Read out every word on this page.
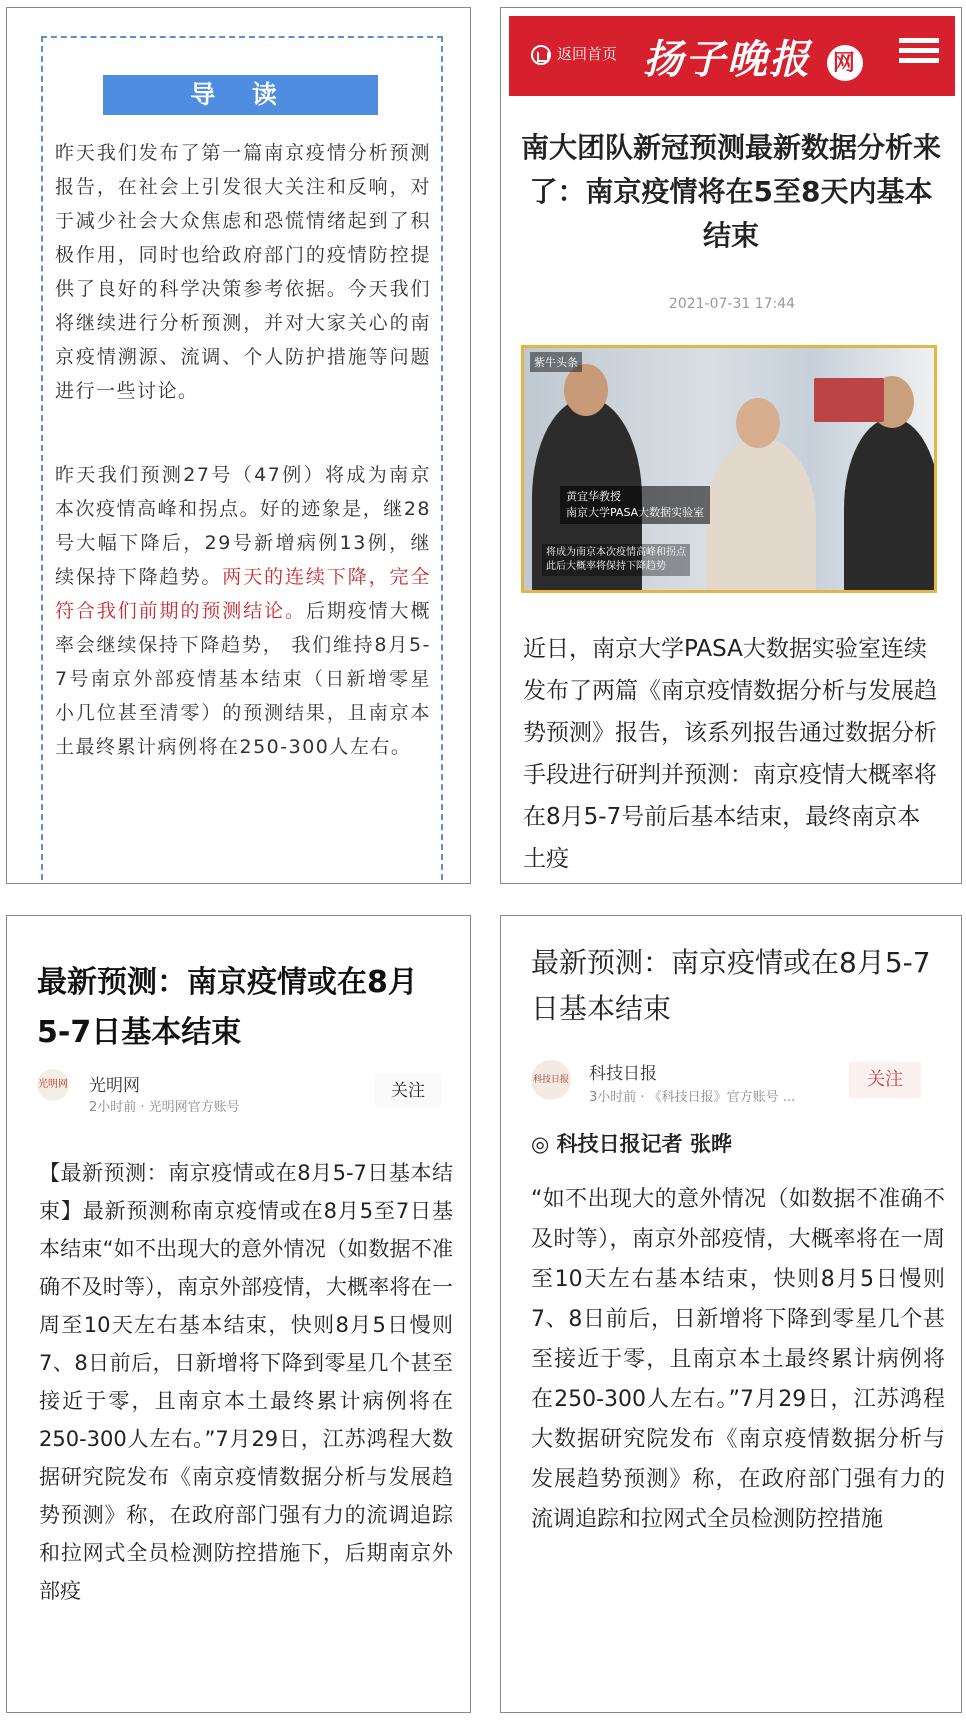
导 读

昨天我们发布了第一篇南京疫情分析预测报告，在社会上引发很大关注和反响，对于减少社会大众焦虑和恐慌情绪起到了积极作用，同时也给政府部门的疫情防控提供了良好的科学决策参考依据。今天我们将继续进行分析预测，并对大家关心的南京疫情溯源、流调、个人防护措施等问题进行一些讨论。

昨天我们预测27号（47例）将成为南京本次疫情高峰和拐点。好的迹象是，继28号大幅下降后，29号新增病例13例，继续保持下降趋势。两天的连续下降，完全符合我们前期的预测结论。后期疫情大概率会继续保持下降趋势， 我们维持8月5-7号南京外部疫情基本结束（日新增零星小几位甚至清零）的预测结果，且南京本土最终累计病例将在250-300人左右。

返回首页 扬子晚报 网
南大团队新冠预测最新数据分析来了：南京疫情将在5至8天内基本结束
2021-07-31 17:44
紫牛头条
黄宜华教授
南京大学PASA大数据实验室
将成为南京本次疫情高峰和拐点
此后大概率将保持下降趋势

近日，南京大学PASA大数据实验室连续发布了两篇《南京疫情数据分析与发展趋势预测》报告，该系列报告通过数据分析手段进行研判并预测：南京疫情大概率将在8月5-7号前后基本结束，最终南京本土疫

最新预测：南京疫情或在8月5-7日基本结束
光明网 光明网
2小时前 · 光明网官方账号
关注

【最新预测：南京疫情或在8月5-7日基本结束】最新预测称南京疫情或在8月5至7日基本结束“如不出现大的意外情况（如数据不准确不及时等），南京外部疫情，大概率将在一周至10天左右基本结束，快则8月5日慢则7、8日前后，日新增将下降到零星几个甚至接近于零，且南京本土最终累计病例将在250-300人左右。”7月29日，江苏鸿程大数据研究院发布《南京疫情数据分析与发展趋势预测》称，在政府部门强有力的流调追踪和拉网式全员检测防控措施下，后期南京外部疫

最新预测：南京疫情或在8月5-7日基本结束
科技日报 科技日报
3小时前 · 《科技日报》官方账号 ...
关注
◎ 科技日报记者 张晔

“如不出现大的意外情况（如数据不准确不及时等），南京外部疫情，大概率将在一周至10天左右基本结束，快则8月5日慢则7、8日前后，日新增将下降到零星几个甚至接近于零，且南京本土最终累计病例将在250-300人左右。”7月29日，江苏鸿程大数据研究院发布《南京疫情数据分析与发展趋势预测》称，在政府部门强有力的流调追踪和拉网式全员检测防控措施
